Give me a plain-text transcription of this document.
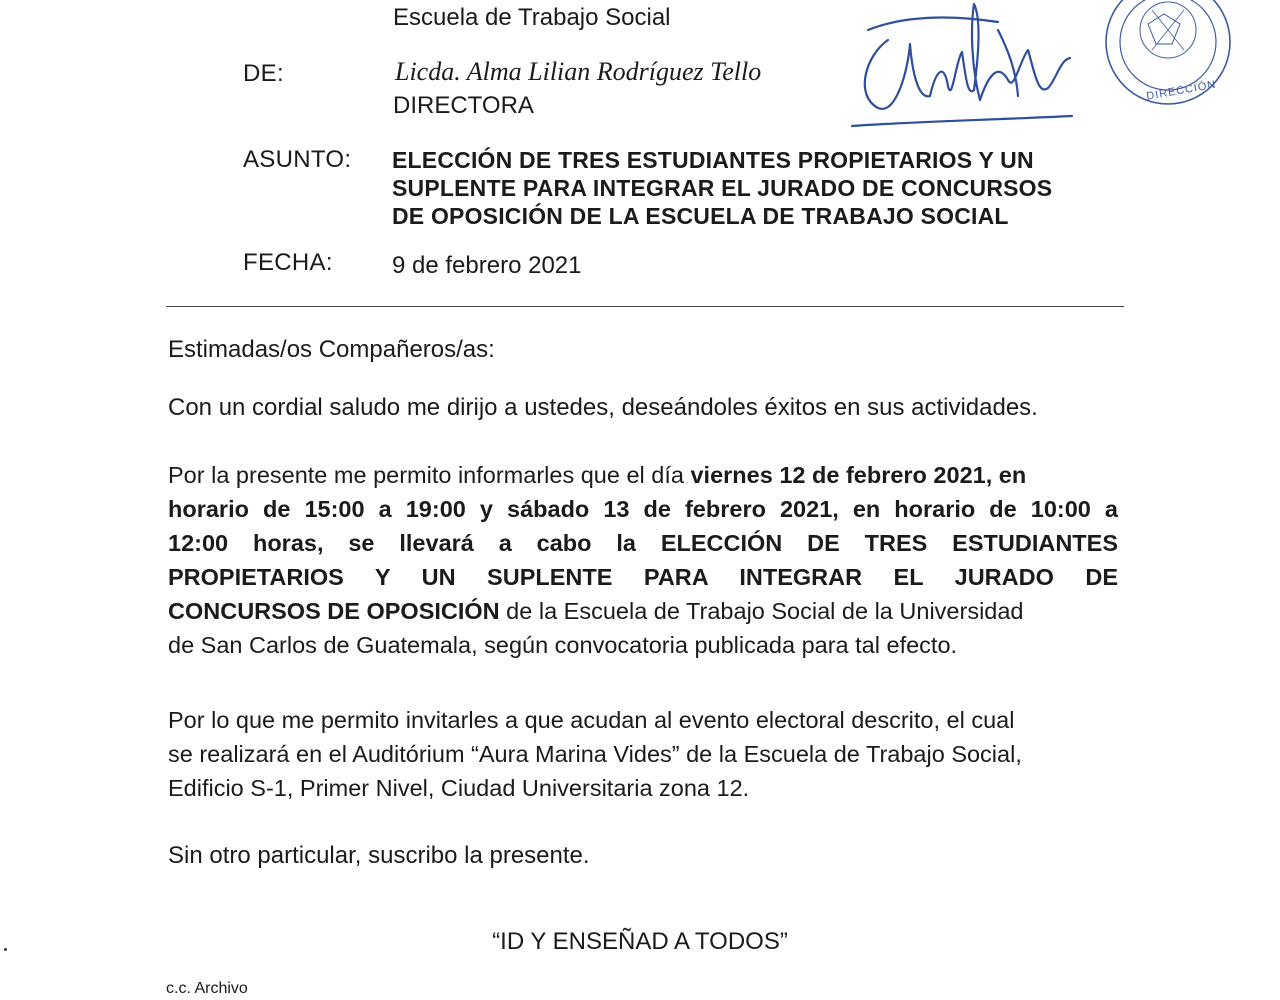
Escuela de Trabajo Social
DE:	Licda. Alma Lilian Rodríguez Tello
DIRECTORA
DIRECCIÓN
ASUNTO: ELECCIÓN DE TRES ESTUDIANTES PROPIETARIOS Y UN
SUPLENTE PARA INTEGRAR EL JURADO DE CONCURSOS
DE OPOSICIÓN DE LA ESCUELA DE TRABAJO SOCIAL
FECHA: 9 de febrero 2021
Estimadas/os Compañeros/as:
Con un cordial saludo me dirijo a ustedes, deseándoles éxitos en sus actividades.
Por la presente me permito informarles que el día viernes 12 de febrero 2021, en
horario de 15:00 a 19:00 y sábado 13 de febrero 2021, en horario de 10:00 a
12:00 horas, se llevará a cabo la ELECCIÓN DE TRES ESTUDIANTES
PROPIETARIOS Y UN SUPLENTE PARA INTEGRAR EL JURADO DE
CONCURSOS DE OPOSICIÓN de la Escuela de Trabajo Social de la Universidad
de San Carlos de Guatemala, según convocatoria publicada para tal efecto.
Por lo que me permito invitarles a que acudan al evento electoral descrito, el cual
se realizará en el Auditórium “Aura Marina Vides” de la Escuela de Trabajo Social,
Edificio S-1, Primer Nivel, Ciudad Universitaria zona 12.
Sin otro particular, suscribo la presente.
“ID Y ENSEÑAD A TODOS”
c.c. Archivo
